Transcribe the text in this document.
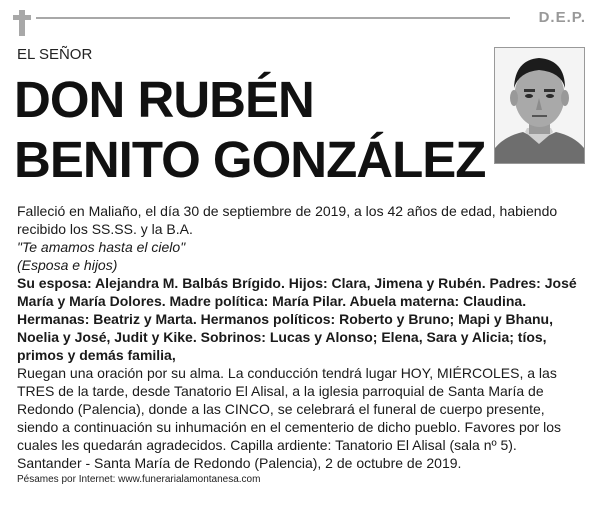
D.E.P.
EL SEÑOR
DON RUBÉN
BENITO GONZÁLEZ

Falleció en Maliaño, el día 30 de septiembre de 2019, a los 42 años de edad, habiendo recibido los SS.SS. y la B.A.

"Te amamos hasta el cielo"

(Esposa e hijos)

Su esposa: Alejandra M. Balbás Brígido. Hijos: Clara, Jimena y Rubén. Padres: José María y María Dolores. Madre política: María Pilar. Abuela materna: Claudina. Hermanas: Beatriz y Marta. Hermanos políticos: Roberto y Bruno; Mapi y Bhanu, Noelia y José, Judit y Kike. Sobrinos: Lucas y Alonso; Elena, Sara y Alicia; tíos, primos y demás familia,

Ruegan una oración por su alma. La conducción tendrá lugar HOY, MIÉRCOLES, a las TRES de la tarde, desde Tanatorio El Alisal, a la iglesia parroquial de Santa María de Redondo (Palencia), donde a las CINCO, se celebrará el funeral de cuerpo presente, siendo a continuación su inhumación en el cementerio de dicho pueblo. Favores por los cuales les quedarán agradecidos. Capilla ardiente: Tanatorio El Alisal (sala nº 5).

Santander - Santa María de Redondo (Palencia), 2 de octubre de 2019.

Pésames por Internet: www.funerarialamontanesa.com
